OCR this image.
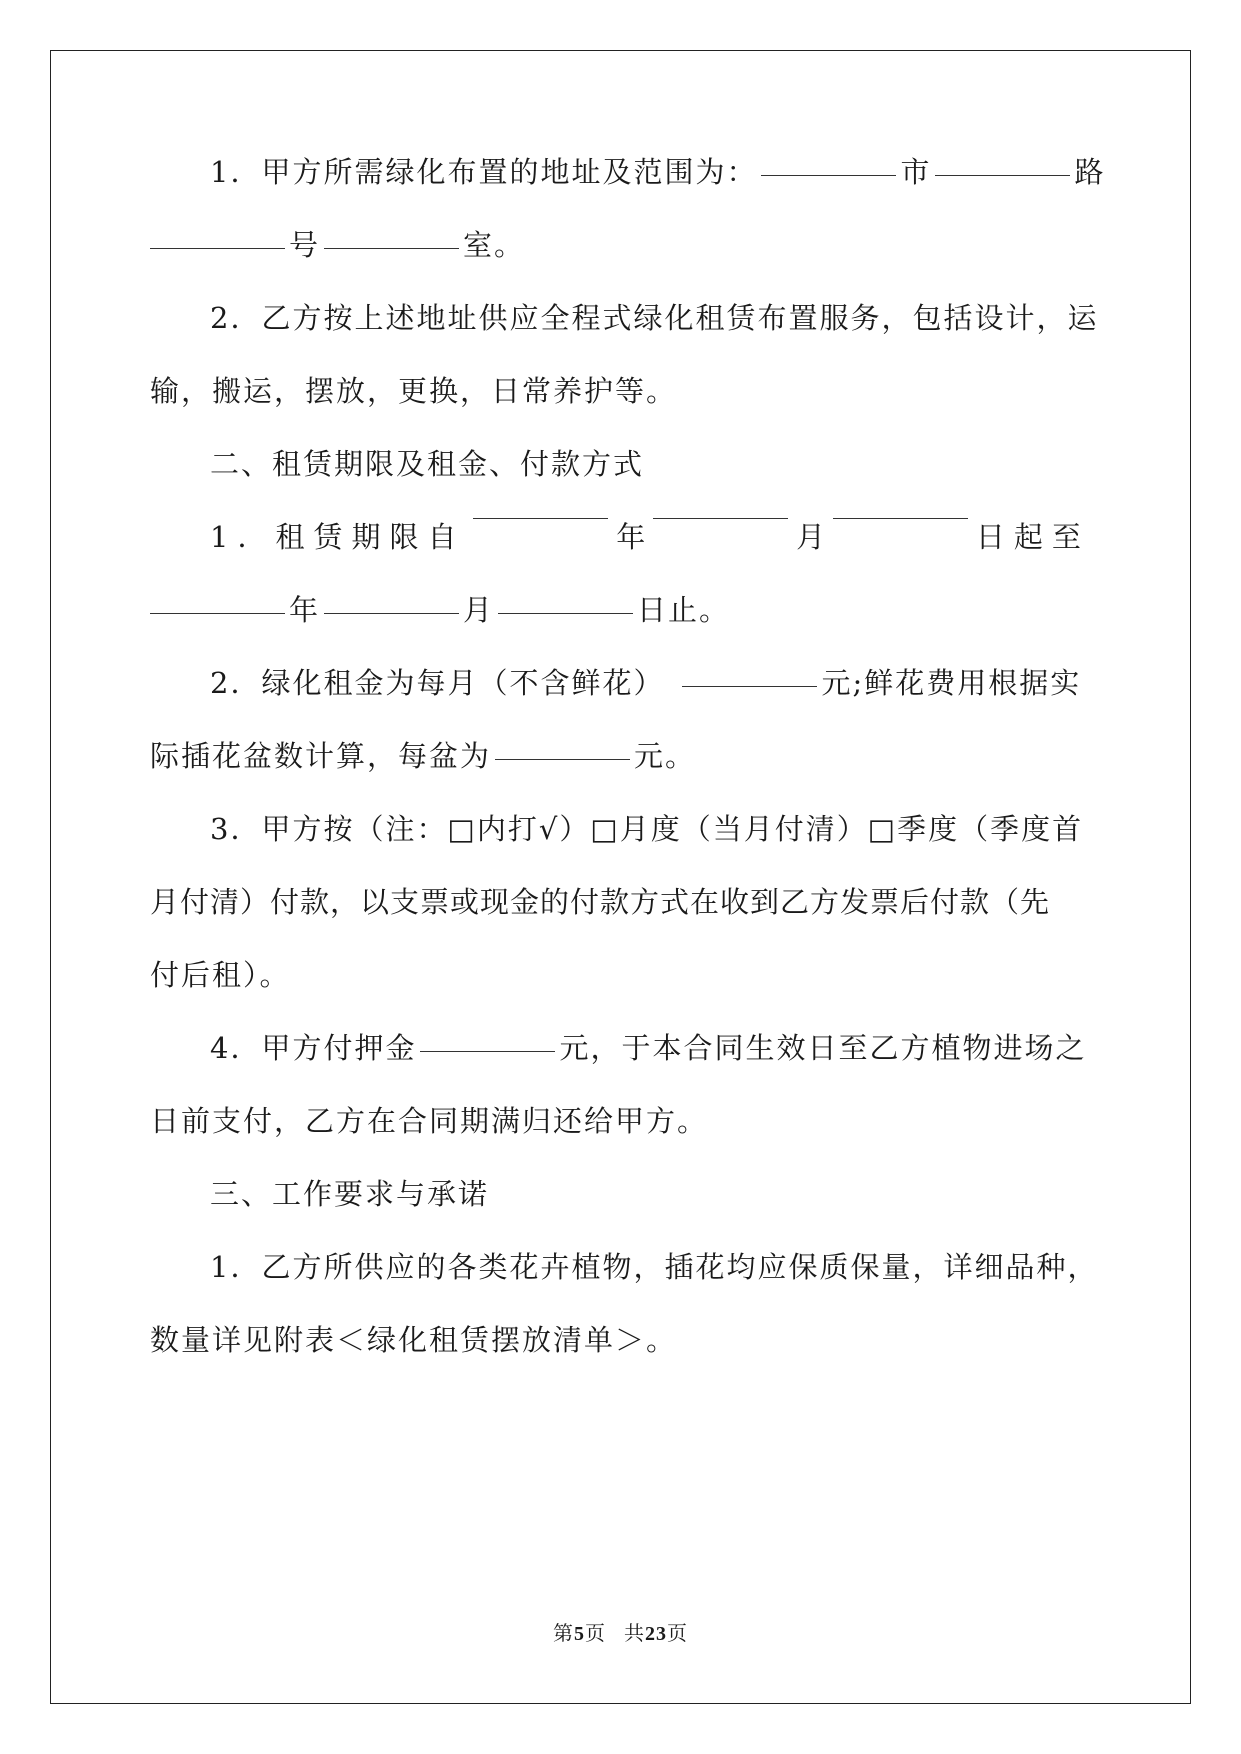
1．甲方所需绿化布置的地址及范围为：	市	路
号	室。
2．乙方按上述地址供应全程式绿化租赁布置服务，包括设计，运
输，搬运，摆放，更换，日常养护等。
二、租赁期限及租金、付款方式
1．租赁期限自	年	月	日起至
年	月	日止。
2．绿化租金为每月（不含鲜花）	元;鲜花费用根据实
际插花盆数计算，每盆为	元。
3．甲方按（注：□内打√）□月度（当月付清）□季度（季度首
月付清）付款，以支票或现金的付款方式在收到乙方发票后付款（先
付后租）。
4．甲方付押金	元，于本合同生效日至乙方植物进场之
日前支付，乙方在合同期满归还给甲方。
三、工作要求与承诺
1．乙方所供应的各类花卉植物，插花均应保质保量，详细品种，
数量详见附表＜绿化租赁摆放清单＞。
第5页 共23页
